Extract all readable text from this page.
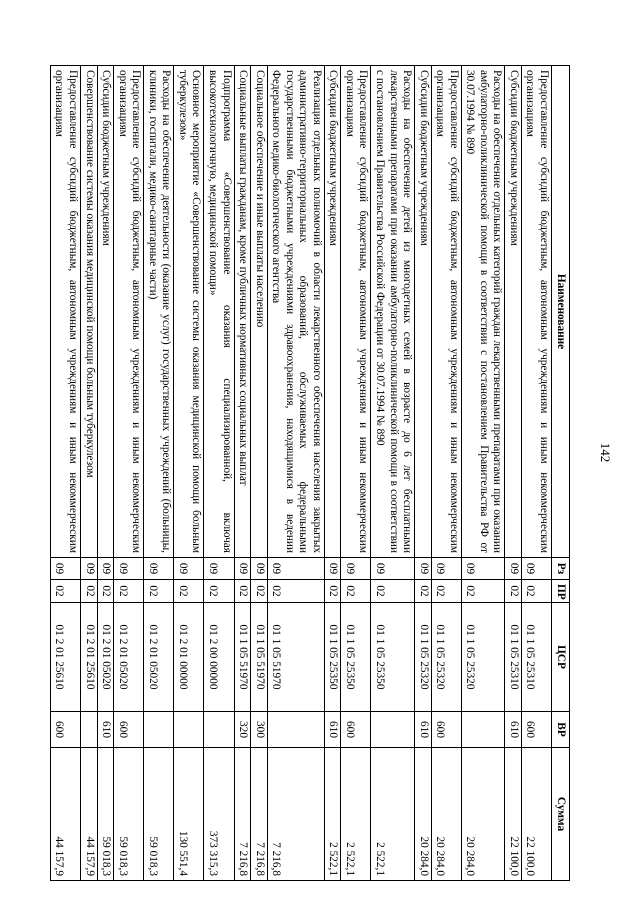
142
Наименование	Рз	ПР	ЦСР	ВР	Сумма
Предоставление субсидий бюджетным, автономным учреждениям и иным некоммерческим организациям	09	02	01 1 05 25310	600	22 100,0
Субсидии бюджетным учреждениям	09	02	01 1 05 25310	610	22 100,0
Расходы на обеспечение отдельных категорий граждан лекарственными препаратами при оказании амбулаторно-поликлинической помощи в соответствии с постановлением Правительства РФ от 30.07.1994 № 890	09	02	01 1 05 25320		20 284,0
Предоставление субсидий бюджетным, автономным учреждениям и иным некоммерческим организациям	09	02	01 1 05 25320	600	20 284,0
Субсидии бюджетным учреждениям	09	02	01 1 05 25320	610	20 284,0
Расходы на обеспечение детей из многодетных семей в возрасте до 6 лет бесплатными лекарственными препаратами при оказании амбулаторно-поликлинической помощи в соответствии с постановлением Правительства Российской Федерации от 30.07.1994 № 890	09	02	01 1 05 25350		2 522,1
Предоставление субсидий бюджетным, автономным учреждениям и иным некоммерческим организациям	09	02	01 1 05 25350	600	2 522,1
Субсидии бюджетным учреждениям	09	02	01 1 05 25350	610	2 522,1
Реализация отдельных полномочий в области лекарственного обеспечения населения закрытых административно-территориальных образований, обслуживаемых федеральными государственными бюджетными учреждениями здравоохранения, находящимися в ведении Федерального медико-биологического агентства	09	02	01 1 05 51970		7 216,8
Социальное обеспечение и иные выплаты населению	09	02	01 1 05 51970	300	7 216,8
Социальные выплаты гражданам, кроме публичных нормативных социальных выплат	09	02	01 1 05 51970	320	7 216,8
Подпрограмма «Совершенствование оказания специализированной, включая высокотехнологичную, медицинской помощи»	09	02	01 2 00 00000		373 315,3
Основное мероприятие «Совершенствование системы оказания медицинской помощи больным туберкулезом»	09	02	01 2 01 00000		130 551,4
Расходы на обеспечение деятельности (оказание услуг) государственных учреждений (больницы, клиники, госпитали, медико-санитарные части)	09	02	01 2 01 05020		59 018,3
Предоставление субсидий бюджетным, автономным учреждениям и иным некоммерческим организациям	09	02	01 2 01 05020	600	59 018,3
Субсидии бюджетным учреждениям	09	02	01 2 01 05020	610	59 018,3
Совершенствование системы оказания медицинской помощи больным туберкулезом	09	02	01 2 01 25610		44 157,9
Предоставление субсидий бюджетным, автономным учреждениям и иным некоммерческим организациям	09	02	01 2 01 25610	600	44 157,9
